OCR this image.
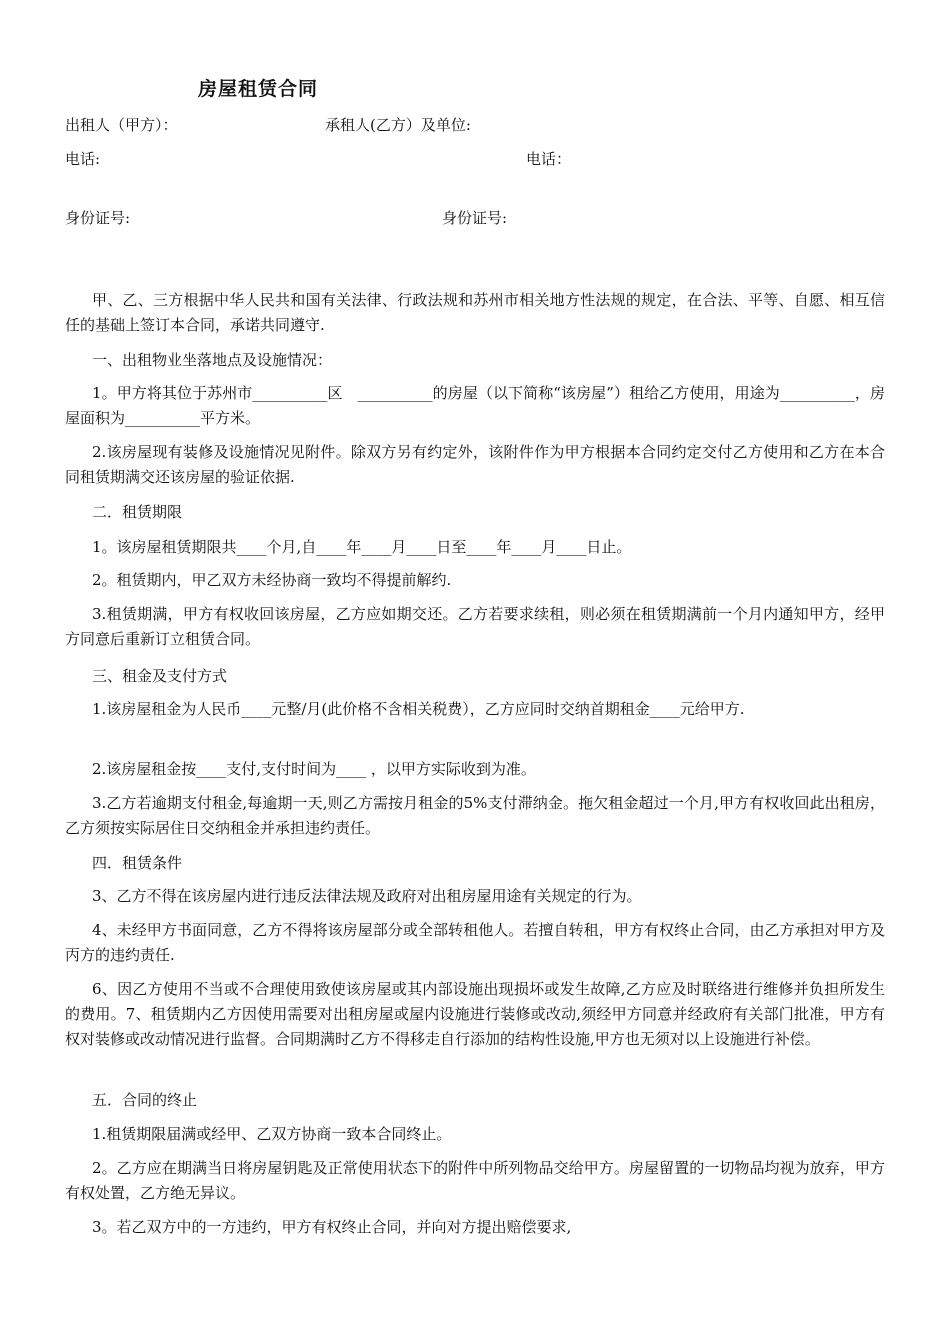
房屋租赁合同
出租人（甲方）：	承租人(乙方）及单位:
电话:	电话：
身份证号:	身份证号:
甲、乙、三方根据中华人民共和国有关法律、行政法规和苏州市相关地方性法规的规定，在合法、平等、自愿、相互信任的基础上签订本合同，承诺共同遵守.
一、出租物业坐落地点及设施情况：
1。甲方将其位于苏州市__________区　__________的房屋（以下简称“该房屋”）租给乙方使用，用途为__________，房屋面积为__________平方米。
2.该房屋现有装修及设施情况见附件。除双方另有约定外，该附件作为甲方根据本合同约定交付乙方使用和乙方在本合同租赁期满交还该房屋的验证依据.
二．租赁期限
1。该房屋租赁期限共____个月,自____年____月____日至____年____月____日止。
2。租赁期内，甲乙双方未经协商一致均不得提前解约.
3.租赁期满，甲方有权收回该房屋，乙方应如期交还。乙方若要求续租，则必须在租赁期满前一个月内通知甲方，经甲方同意后重新订立租赁合同。
三、租金及支付方式
1.该房屋租金为人民币____元整/月(此价格不含相关税费），乙方应同时交纳首期租金____元给甲方.
2.该房屋租金按____支付,支付时间为____ ，以甲方实际收到为准。
3.乙方若逾期支付租金,每逾期一天,则乙方需按月租金的5%支付滞纳金。拖欠租金超过一个月,甲方有权收回此出租房，乙方须按实际居住日交纳租金并承担违约责任。
四．租赁条件
3、乙方不得在该房屋内进行违反法律法规及政府对出租房屋用途有关规定的行为。
4、未经甲方书面同意，乙方不得将该房屋部分或全部转租他人。若擅自转租，甲方有权终止合同，由乙方承担对甲方及丙方的违约责任.
6、因乙方使用不当或不合理使用致使该房屋或其内部设施出现损坏或发生故障,乙方应及时联络进行维修并负担所发生的费用。7、租赁期内乙方因使用需要对出租房屋或屋内设施进行装修或改动,须经甲方同意并经政府有关部门批准，甲方有权对装修或改动情况进行监督。合同期满时乙方不得移走自行添加的结构性设施,甲方也无须对以上设施进行补偿。
五．合同的终止
1.租赁期限届满或经甲、乙双方协商一致本合同终止。
2。乙方应在期满当日将房屋钥匙及正常使用状态下的附件中所列物品交给甲方。房屋留置的一切物品均视为放弃，甲方有权处置，乙方绝无异议。
3。若乙双方中的一方违约，甲方有权终止合同，并向对方提出赔偿要求,
